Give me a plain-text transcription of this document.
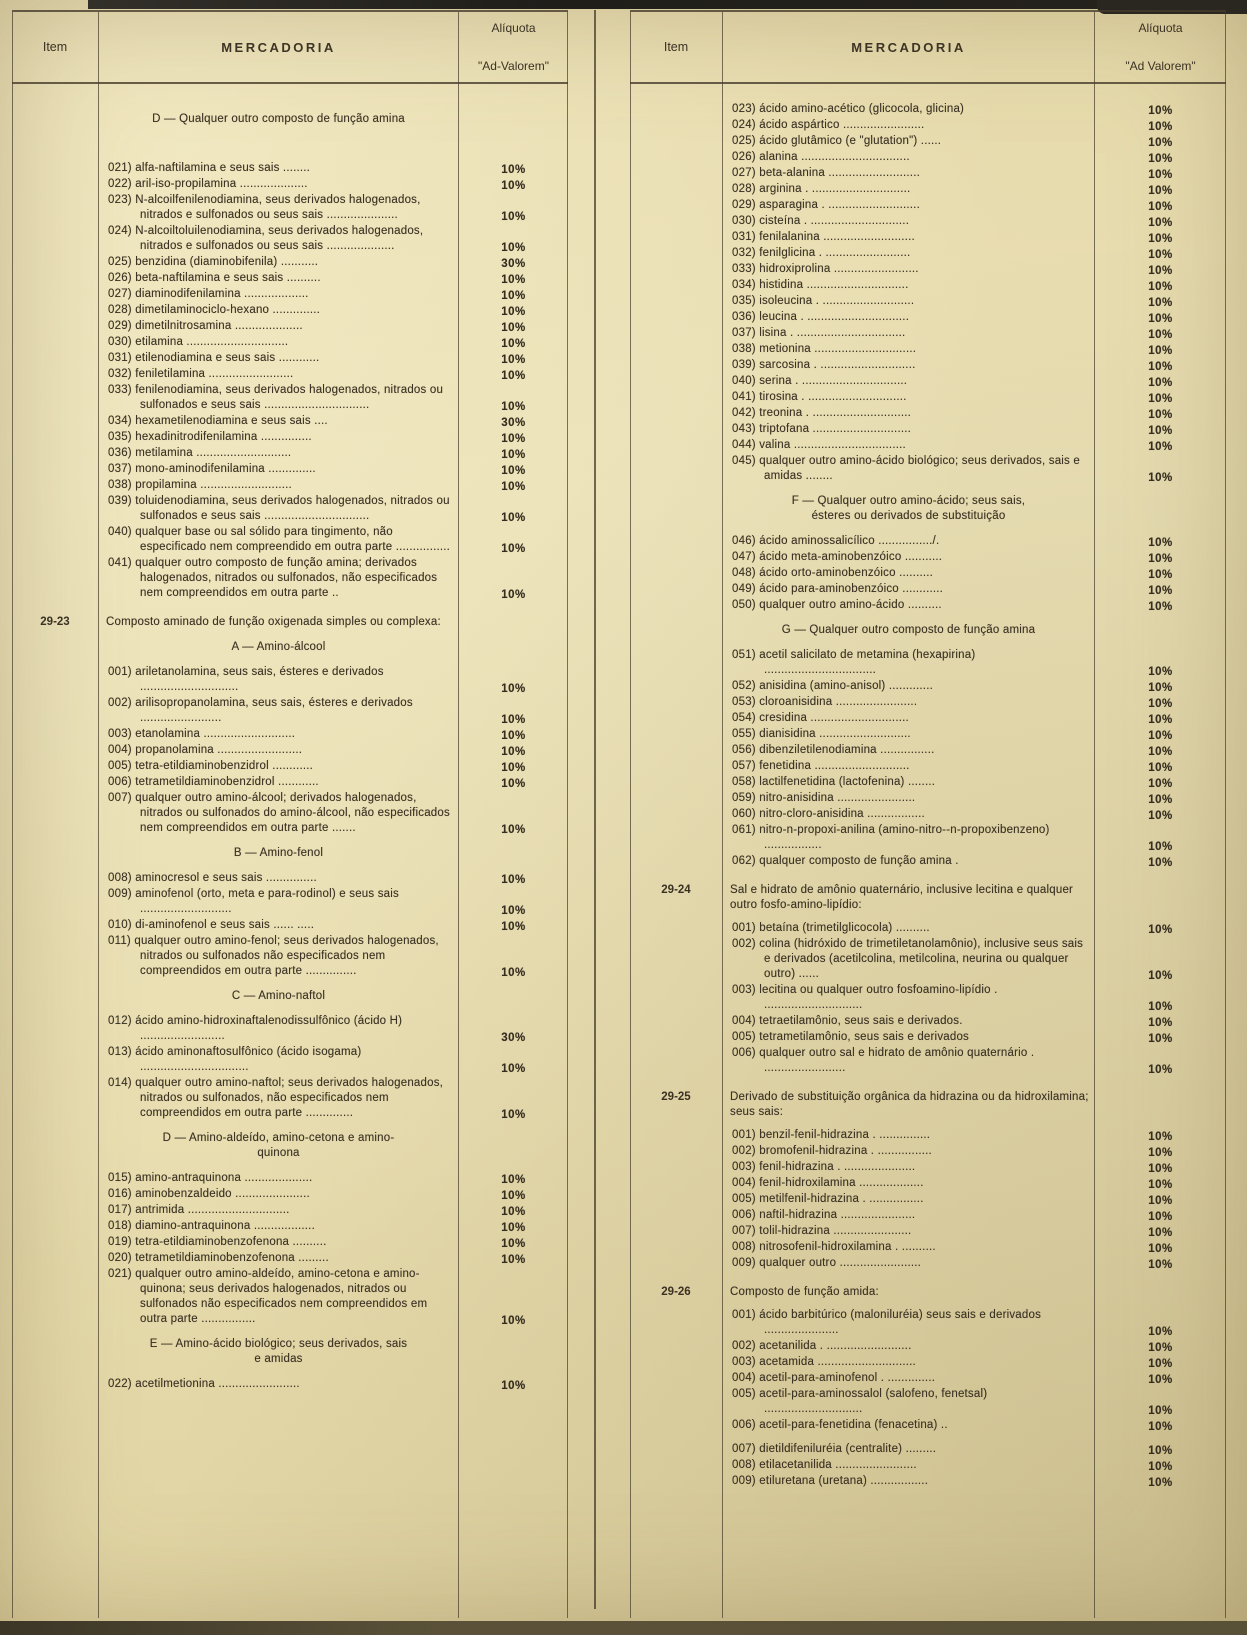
Item	MERCADORIA
Alíquota
"Ad-Valorem"
D — Qualquer outro composto de função amina
021) alfa-naftilamina e seus sais ........	10%
022) aril-iso-propilamina ....................	10%
023) N-alcoilfenilenodiamina, seus derivados halogenados, nitrados e sulfonados ou seus sais .....................	10%
024) N-alcoiltoluilenodiamina, seus derivados halogenados, nitrados e sulfonados ou seus sais ....................	10%
025) benzidina (diaminobifenila) ...........	30%
026) beta-naftilamina e seus sais ..........	10%
027) diaminodifenilamina ...................	10%
028) dimetilaminociclo-hexano ..............	10%
029) dimetilnitrosamina ....................	10%
030) etilamina ..............................	10%
031) etilenodiamina e seus sais ............	10%
032) feniletilamina .........................	10%
033) fenilenodiamina, seus derivados halogenados, nitrados ou sulfonados e seus sais ...............................	10%
034) hexametilenodiamina e seus sais ....	30%
035) hexadinitrodifenilamina ...............	10%
036) metilamina ............................	10%
037) mono-aminodifenilamina ..............	10%
038) propilamina ...........................	10%
039) toluidenodiamina, seus derivados halogenados, nitrados ou sulfonados e seus sais ...............................	10%
040) qualquer base ou sal sólido para tingimento, não especificado nem compreendido em outra parte ................	10%
041) qualquer outro composto de função amina; derivados halogenados, nitrados ou sulfonados, não especificados nem compreendidos em outra parte ..	10%
29-23	Composto aminado de função oxigenada simples ou complexa:
A — Amino-álcool
001) ariletanolamina, seus sais, ésteres e derivados .............................	10%
002) arilisopropanolamina, seus sais, ésteres e derivados ........................	10%
003) etanolamina ...........................	10%
004) propanolamina .........................	10%
005) tetra-etildiaminobenzidrol ............	10%
006) tetrametildiaminobenzidrol ............	10%
007) qualquer outro amino-álcool; derivados halogenados, nitrados ou sulfonados do amino-álcool, não especificados nem compreendidos em outra parte .......	10%
B — Amino-fenol
008) aminocresol e seus sais ...............	10%
009) aminofenol (orto, meta e para-rodinol) e seus sais ...........................	10%
010) di-aminofenol e seus sais ...... .....	10%
011) qualquer outro amino-fenol; seus derivados halogenados, nitrados ou sulfonados não especificados nem compreendidos em outra parte ...............	10%
C — Amino-naftol
012) ácido amino-hidroxinaftalenodissulfônico (ácido H) .........................	30%
013) ácido aminonaftosulfônico (ácido isogama) ................................	10%
014) qualquer outro amino-naftol; seus derivados halogenados, nitrados ou sulfonados, não especificados nem compreendidos em outra parte ..............	10%
D — Amino-aldeído, amino-cetona e amino-quinona
015) amino-antraquinona ....................	10%
016) aminobenzaldeido ......................	10%
017) antrimida ..............................	10%
018) diamino-antraquinona ..................	10%
019) tetra-etildiaminobenzofenona ..........	10%
020) tetrametildiaminobenzofenona .........	10%
021) qualquer outro amino-aldeído, amino-cetona e amino-quinona; seus derivados halogenados, nitrados ou sulfonados não especificados nem compreendidos em outra parte ................	10%
E — Amino-ácido biológico; seus derivados, sais e amidas
022) acetilmetionina ........................	10%
Item	MERCADORIA
Alíquota
"Ad Valorem"
023) ácido amino-acético (glicocola, glicina)	10%
024) ácido aspártico ........................	10%
025) ácido glutâmico (e "glutation") ......	10%
026) alanina ................................	10%
027) beta-alanina ...........................	10%
028) arginina . .............................	10%
029) asparagina . ...........................	10%
030) cisteína . .............................	10%
031) fenilalanina ...........................	10%
032) fenilglicina . .........................	10%
033) hidroxiprolina .........................	10%
034) histidina ..............................	10%
035) isoleucina . ...........................	10%
036) leucina . ..............................	10%
037) lisina . ................................	10%
038) metionina ..............................	10%
039) sarcosina . ............................	10%
040) serina . ...............................	10%
041) tirosina . .............................	10%
042) treonina . .............................	10%
043) triptofana .............................	10%
044) valina .................................	10%
045) qualquer outro amino-ácido biológico; seus derivados, sais e amidas ........	10%
F — Qualquer outro amino-ácido; seus sais, ésteres ou derivados de substituição
046) ácido aminossalicílico ................/.	10%
047) ácido meta-aminobenzóico ...........	10%
048) ácido orto-aminobenzóico ..........	10%
049) ácido para-aminobenzóico ............	10%
050) qualquer outro amino-ácido ..........	10%
G — Qualquer outro composto de função amina
051) acetil salicilato de metamina (hexapirina) .................................	10%
052) anisidina (amino-anisol) .............	10%
053) cloroanisidina ........................	10%
054) cresidina .............................	10%
055) dianisidina ...........................	10%
056) dibenziletilenodiamina ................	10%
057) fenetidina ............................	10%
058) lactilfenetidina (lactofenina) ........	10%
059) nitro-anisidina .......................	10%
060) nitro-cloro-anisidina .................	10%
061) nitro-n-propoxi-anilina (amino-nitro--n-propoxibenzeno) .................	10%
062) qualquer composto de função amina .	10%
29-24	Sal e hidrato de amônio quaternário, inclusive lecitina e qualquer outro fosfo-amino-lipídio:
001) betaína (trimetilglicocola) ..........	10%
002) colina (hidróxido de trimetiletanolamônio), inclusive seus sais e derivados (acetilcolina, metilcolina, neurina ou qualquer outro) ......	10%
003) lecitina ou qualquer outro fosfoamino-lipídio . .............................	10%
004) tetraetilamônio, seus sais e derivados.	10%
005) tetrametilamônio, seus sais e derivados	10%
006) qualquer outro sal e hidrato de amônio quaternário . ........................	10%
29-25	Derivado de substituição orgânica da hidrazina ou da hidroxilamina; seus sais:
001) benzil-fenil-hidrazina . ...............	10%
002) bromofenil-hidrazina . ................	10%
003) fenil-hidrazina . .....................	10%
004) fenil-hidroxilamina ...................	10%
005) metilfenil-hidrazina . ................	10%
006) naftil-hidrazina ......................	10%
007) tolil-hidrazina .......................	10%
008) nitrosofenil-hidroxilamina . ..........	10%
009) qualquer outro ........................	10%
29-26	Composto de função amida:
001) ácido barbitúrico (maloniluréia) seus sais e derivados ......................	10%
002) acetanilida . .........................	10%
003) acetamida .............................	10%
004) acetil-para-aminofenol . ..............	10%
005) acetil-para-aminossalol (salofeno, fenetsal) .............................	10%
006) acetil-para-fenetidina (fenacetina) ..	10%
007) dietildifeniluréia (centralite) .........	10%
008) etilacetanilida ........................	10%
009) etiluretana (uretana) .................	10%
